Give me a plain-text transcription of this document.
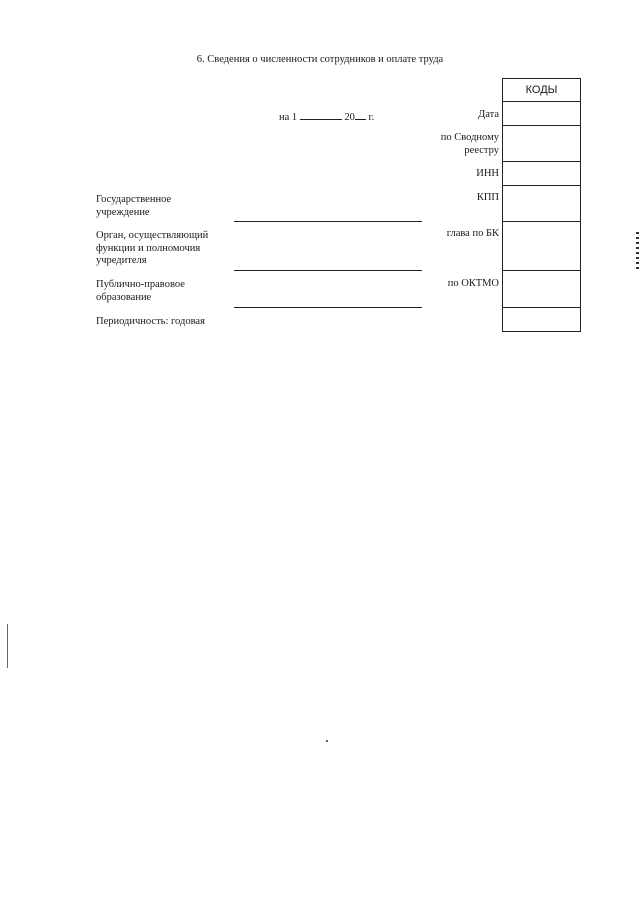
6. Сведения о численности сотрудников и оплате труда
на 1	20 г.
Государственное
учреждение
Орган, осуществляющий
функции и полномочия
учредителя
Публично-правовое
образование
Периодичность: годовая
Дата
по Сводному
реестру
ИНН
КПП
глава по БК
по ОКТМО
КОДЫ
